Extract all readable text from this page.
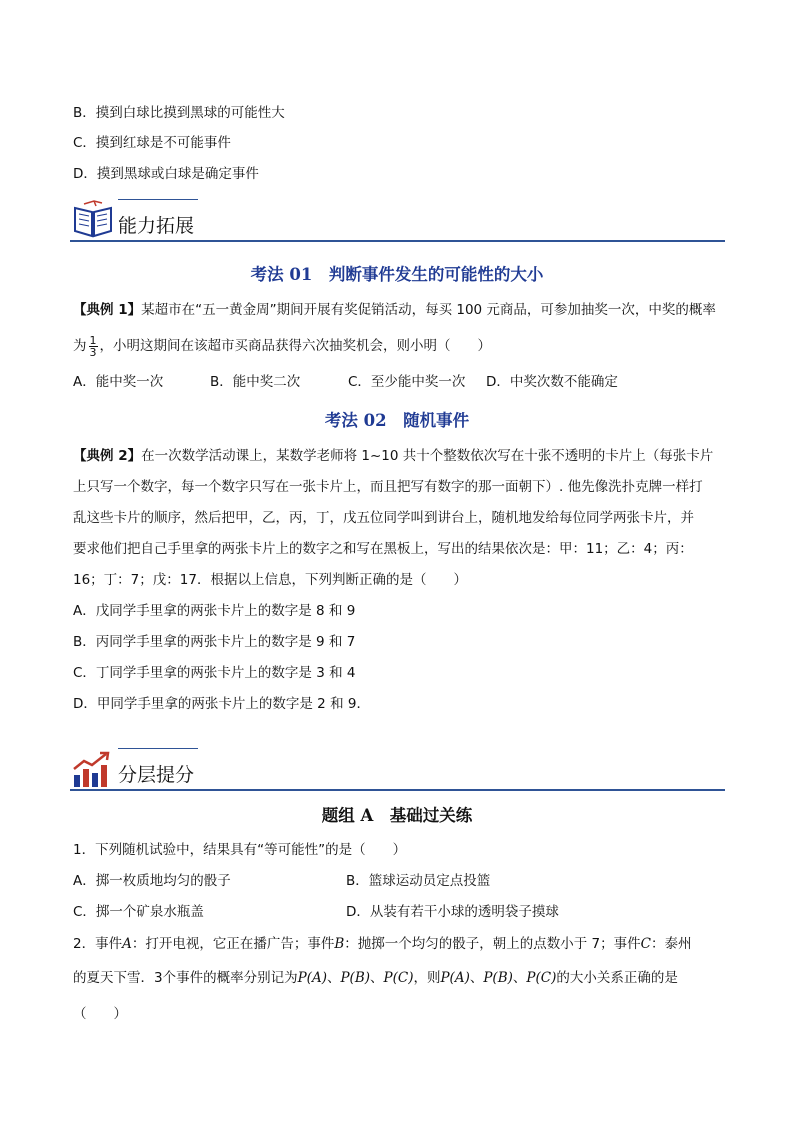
B．摸到白球比摸到黑球的可能性大
C．摸到红球是不可能事件
D．摸到黑球或白球是确定事件
能力拓展
考法 01　判断事件发生的可能性的大小
【典例 1】某超市在“五一黄金周”期间开展有奖促销活动，每买 100 元商品，可参加抽奖一次，中奖的概率
为 $\frac{1}{3}$ ，小明这期间在该超市买商品获得六次抽奖机会，则小明（　　）
A．能中奖一次	B．能中奖二次	C．至少能中奖一次 D．中奖次数不能确定
考法 02　随机事件
【典例 2】在一次数学活动课上，某数学老师将 1~10 共十个整数依次写在十张不透明的卡片上（每张卡片
上只写一个数字，每一个数字只写在一张卡片上，而且把写有数字的那一面朝下）. 他先像洗扑克牌一样打
乱这些卡片的顺序，然后把甲，乙，丙，丁，戊五位同学叫到讲台上，随机地发给每位同学两张卡片，并
要求他们把自己手里拿的两张卡片上的数字之和写在黑板上，写出的结果依次是：甲：11；乙：4；丙：
16；丁：7；戊：17．根据以上信息，下列判断正确的是（　　）
A．戊同学手里拿的两张卡片上的数字是 8 和 9
B．丙同学手里拿的两张卡片上的数字是 9 和 7
C．丁同学手里拿的两张卡片上的数字是 3 和 4
D．甲同学手里拿的两张卡片上的数字是 2 和 9．
分层提分
题组 A　基础过关练
1．下列随机试验中，结果具有“等可能性”的是（　　）
A．掷一枚质地均匀的骰子	B．篮球运动员定点投篮
C．掷一个矿泉水瓶盖	D．从装有若干小球的透明袋子摸球
2．事件A：打开电视，它正在播广告；事件B：抛掷一个均匀的骰子，朝上的点数小于 7；事件C：泰州
的夏天下雪．3个事件的概率分别记为P(A)、P(B)、P(C)，则P(A)、P(B)、P(C)的大小关系正确的是
（　　）
